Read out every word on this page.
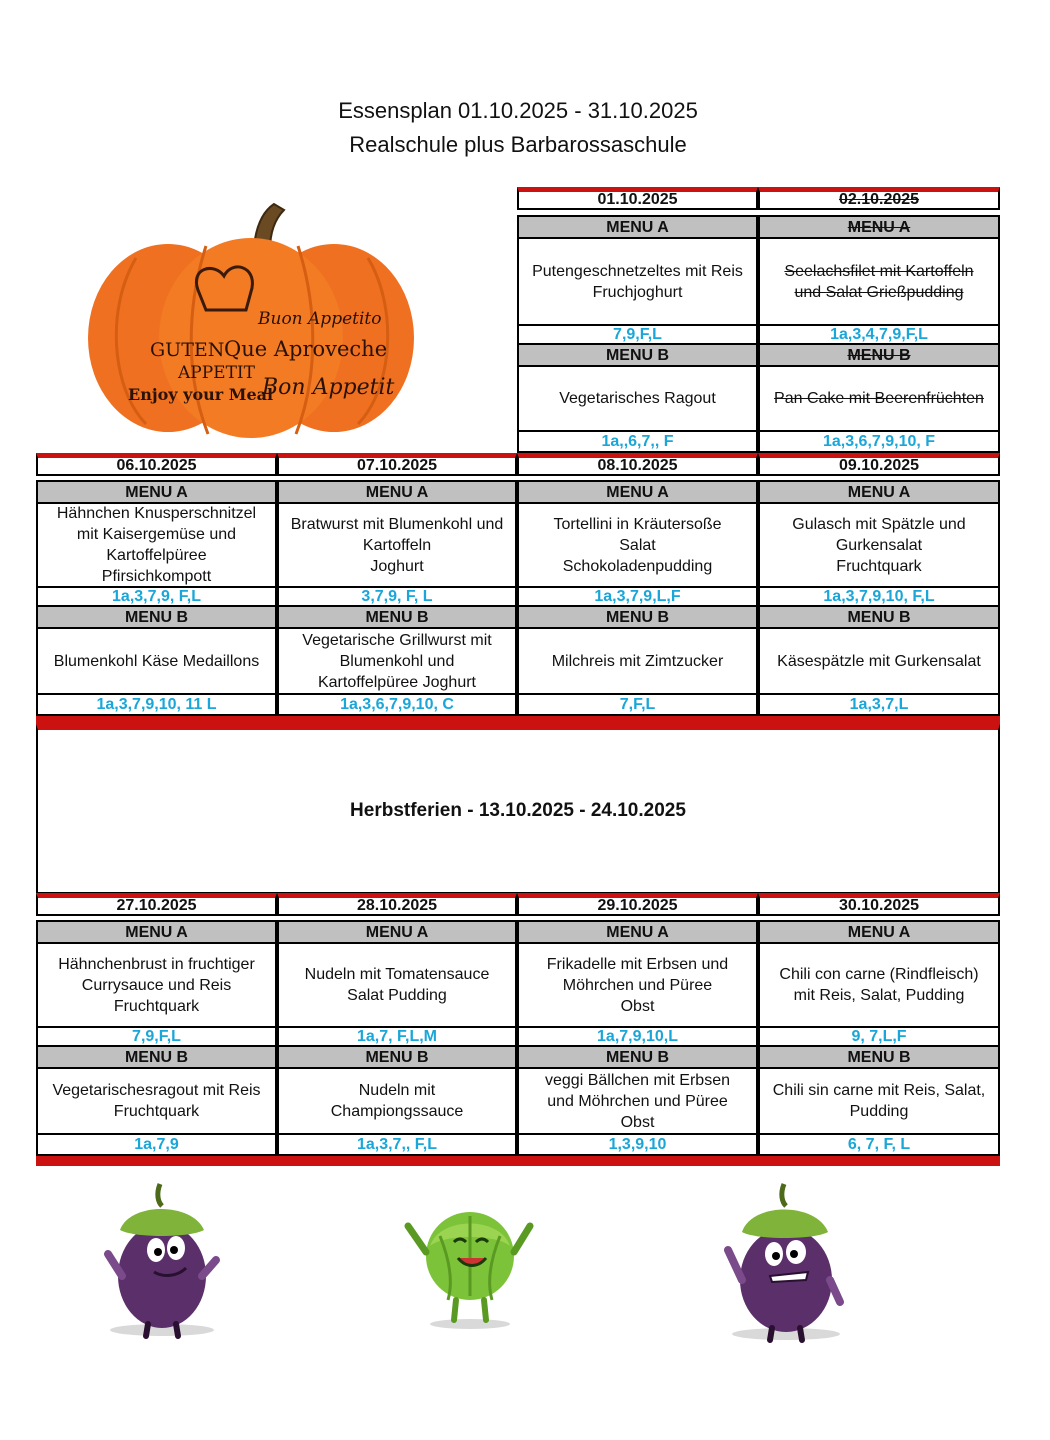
Essensplan 01.10.2025 - 31.10.2025
Realschule plus Barbarossaschule
Buon Appetito
GUTEN Que Aproveche
APPETIT
Enjoy your Meal
Bon Appetit
01.10.2025
MENU A
Putengeschnetzeltes mit Reis
Fruchjoghurt
7,9,F,L
MENU B
Vegetarisches Ragout
1a,,6,7,, F
02.10.2025
MENU A
Seelachsfilet mit Kartoffeln
und Salat Grießpudding
1a,3,4,7,9,F,L
MENU B
Pan Cake mit Beerenfrüchten
1a,3,6,7,9,10, F
06.10.2025
MENU A
Hähnchen Knusperschnitzel
mit Kaisergemüse und
Kartoffelpüree
Pfirsichkompott
1a,3,7,9, F,L
MENU B
Blumenkohl Käse Medaillons
1a,3,7,9,10, 11 L
07.10.2025
MENU A
Bratwurst mit Blumenkohl und
Kartoffeln
Joghurt
3,7,9, F, L
MENU B
Vegetarische Grillwurst mit
Blumenkohl und
Kartoffelpüree Joghurt
1a,3,6,7,9,10, C
08.10.2025
MENU A
Tortellini in Kräutersoße
Salat
Schokoladenpudding
1a,3,7,9,L,F
MENU B
Milchreis mit Zimtzucker
7,F,L
09.10.2025
MENU A
Gulasch mit Spätzle und
Gurkensalat
Fruchtquark
1a,3,7,9,10, F,L
MENU B
Käsespätzle mit Gurkensalat
1a,3,7,L
Herbstferien - 13.10.2025 - 24.10.2025
27.10.2025
MENU A
Hähnchenbrust in fruchtiger
Currysauce und Reis
Fruchtquark
7,9,F,L
MENU B
Vegetarischesragout mit Reis
Fruchtquark
1a,7,9
28.10.2025
MENU A
Nudeln mit Tomatensauce
Salat Pudding
1a,7, F,L,M
MENU B
Nudeln mit
Championgssauce
1a,3,7,, F,L
29.10.2025
MENU A
Frikadelle mit Erbsen und
Möhrchen und Püree
Obst
1a,7,9,10,L
MENU B
veggi Bällchen mit Erbsen
und Möhrchen und Püree
Obst
1,3,9,10
30.10.2025
MENU A
Chili con carne (Rindfleisch)
mit Reis, Salat, Pudding
9, 7,L,F
MENU B
Chili sin carne mit Reis, Salat,
Pudding
6, 7, F, L
